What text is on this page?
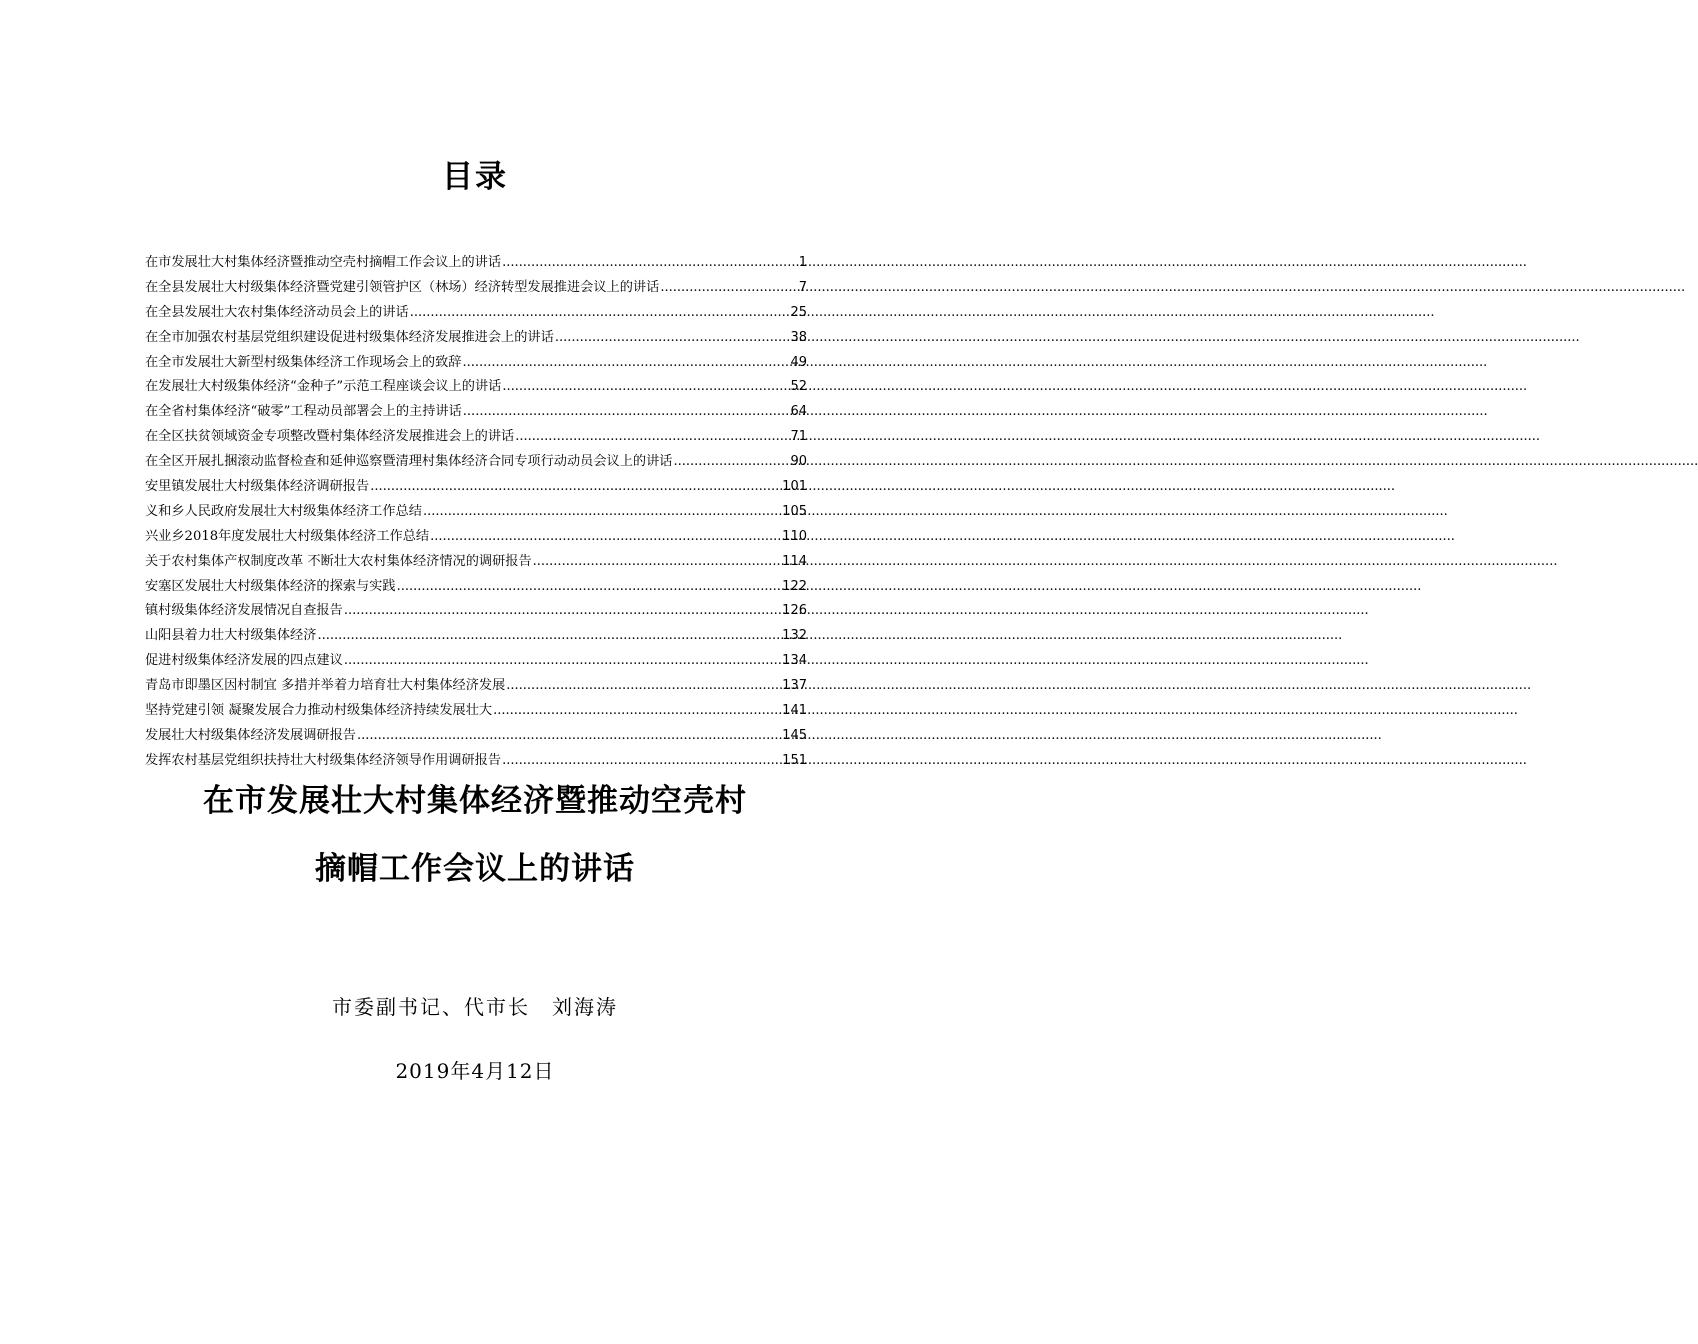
目录
在市发展壮大村集体经济暨推动空壳村摘帽工作会议上的讲话 .....	1
在全县发展壮大村级集体经济暨党建引领管护区（林场）经济转型发展推进会议上的讲话 .....	7
在全县发展壮大农村集体经济动员会上的讲话 .....	25
在全市加强农村基层党组织建设促进村级集体经济发展推进会上的讲话 .....	38
在全市发展壮大新型村级集体经济工作现场会上的致辞 .....	49
在发展壮大村级集体经济“金种子”示范工程座谈会议上的讲话 .....	52
在全省村集体经济“破零”工程动员部署会上的主持讲话 .....	64
在全区扶贫领域资金专项整改暨村集体经济发展推进会上的讲话 .....	71
在全区开展扎捆滚动监督检查和延伸巡察暨清理村集体经济合同专项行动动员会议上的讲话 .....	90
安里镇发展壮大村级集体经济调研报告 .....	101
义和乡人民政府发展壮大村级集体经济工作总结 .....	105
兴业乡2018年度发展壮大村级集体经济工作总结 .....	110
关于农村集体产权制度改革 不断壮大农村集体经济情况的调研报告 .....	114
安塞区发展壮大村级集体经济的探索与实践 .....	122
镇村级集体经济发展情况自查报告 .....	126
山阳县着力壮大村级集体经济 .....	132
促进村级集体经济发展的四点建议 .....	134
青岛市即墨区因村制宜 多措并举着力培育壮大村集体经济发展 .....	137
坚持党建引领 凝聚发展合力推动村级集体经济持续发展壮大 .....	141
发展壮大村级集体经济发展调研报告 .....	145
发挥农村基层党组织扶持壮大村级集体经济领导作用调研报告 .....	151
在市发展壮大村集体经济暨推动空壳村
摘帽工作会议上的讲话
市委副书记、代市长　刘海涛
2019年4月12日
